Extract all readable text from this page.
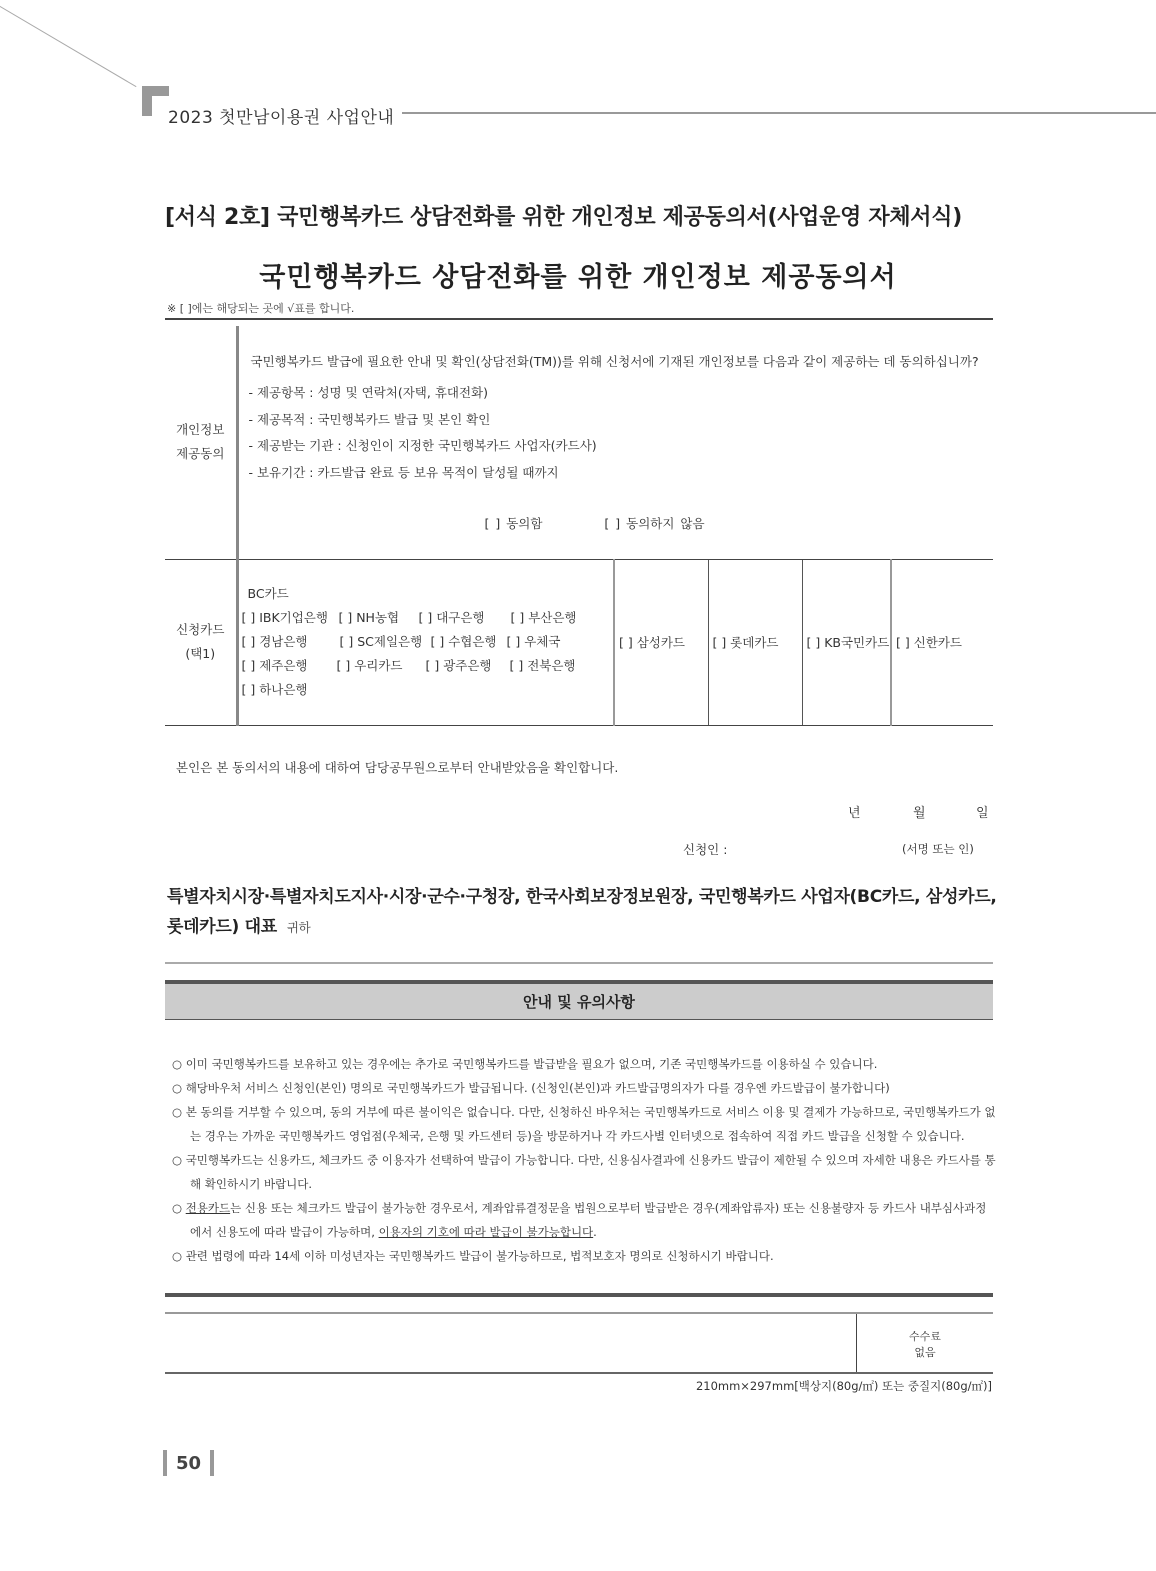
2023 첫만남이용권 사업안내
[서식 2호] 국민행복카드 상담전화를 위한 개인정보 제공동의서(사업운영 자체서식)
국민행복카드 상담전화를 위한 개인정보 제공동의서
※ [ ]에는 해당되는 곳에 √표를 합니다.
개인정보
제공동의

국민행복카드 발급에 필요한 안내 및 확인(상담전화(TM))를 위해 신청서에 기재된 개인정보를 다음과 같이 제공하는 데 동의하십니까?
- 제공항목 : 성명 및 연락처(자택, 휴대전화)
- 제공목적 : 국민행복카드 발급 및 본인 확인
- 제공받는 기관 : 신청인이 지정한 국민행복카드 사업자(카드사)
- 보유기간 : 카드발급 완료 등 보유 목적이 달성될 때까지
[ ] 동의함	[ ] 동의하지 않음

신청카드
(택1)

BC카드
[ ] IBK기업은행 [ ] NH농협	[ ] 대구은행	[ ] 부산은행
[ ] 경남은행	[ ] SC제일은행 [ ] 수협은행 [ ] 우체국
[ ] 제주은행	[ ] 우리카드	[ ] 광주은행	[ ] 전북은행
[ ] 하나은행
	[ ] 삼성카드	[ ] 롯데카드	[ ] KB국민카드	[ ] 신한카드
본인은 본 동의서의 내용에 대하여 담당공무원으로부터 안내받았음을 확인합니다.
년	월	일
신청인 :	(서명 또는 인)
특별자치시장·특별자치도지사·시장·군수·구청장, 한국사회보장정보원장, 국민행복카드 사업자(BC카드, 삼성카드,
롯데카드) 대표 귀하
안내 및 유의사항
○ 이미 국민행복카드를 보유하고 있는 경우에는 추가로 국민행복카드를 발급받을 필요가 없으며, 기존 국민행복카드를 이용하실 수 있습니다.
○ 해당바우처 서비스 신청인(본인) 명의로 국민행복카드가 발급됩니다. (신청인(본인)과 카드발급명의자가 다를 경우엔 카드발급이 불가합니다)
○ 본 동의를 거부할 수 있으며, 동의 거부에 따른 불이익은 없습니다. 다만, 신청하신 바우처는 국민행복카드로 서비스 이용 및 결제가 가능하므로, 국민행복카드가 없는 경우는 가까운 국민행복카드 영업점(우체국, 은행 및 카드센터 등)을 방문하거나 각 카드사별 인터넷으로 접속하여 직접 카드 발급을 신청할 수 있습니다.
○ 국민행복카드는 신용카드, 체크카드 중 이용자가 선택하여 발급이 가능합니다. 다만, 신용심사결과에 신용카드 발급이 제한될 수 있으며 자세한 내용은 카드사를 통해 확인하시기 바랍니다.
○ 전용카드는 신용 또는 체크카드 발급이 불가능한 경우로서, 계좌압류결정문을 법원으로부터 발급받은 경우(계좌압류자) 또는 신용불량자 등 카드사 내부심사과정에서 신용도에 따라 발급이 가능하며, 이용자의 기호에 따라 발급이 불가능합니다.
○ 관련 법령에 따라 14세 이하 미성년자는 국민행복카드 발급이 불가능하므로, 법적보호자 명의로 신청하시기 바랍니다.
수수료
없음
210mm×297mm[백상지(80g/㎡) 또는 중질지(80g/㎡)]
50
